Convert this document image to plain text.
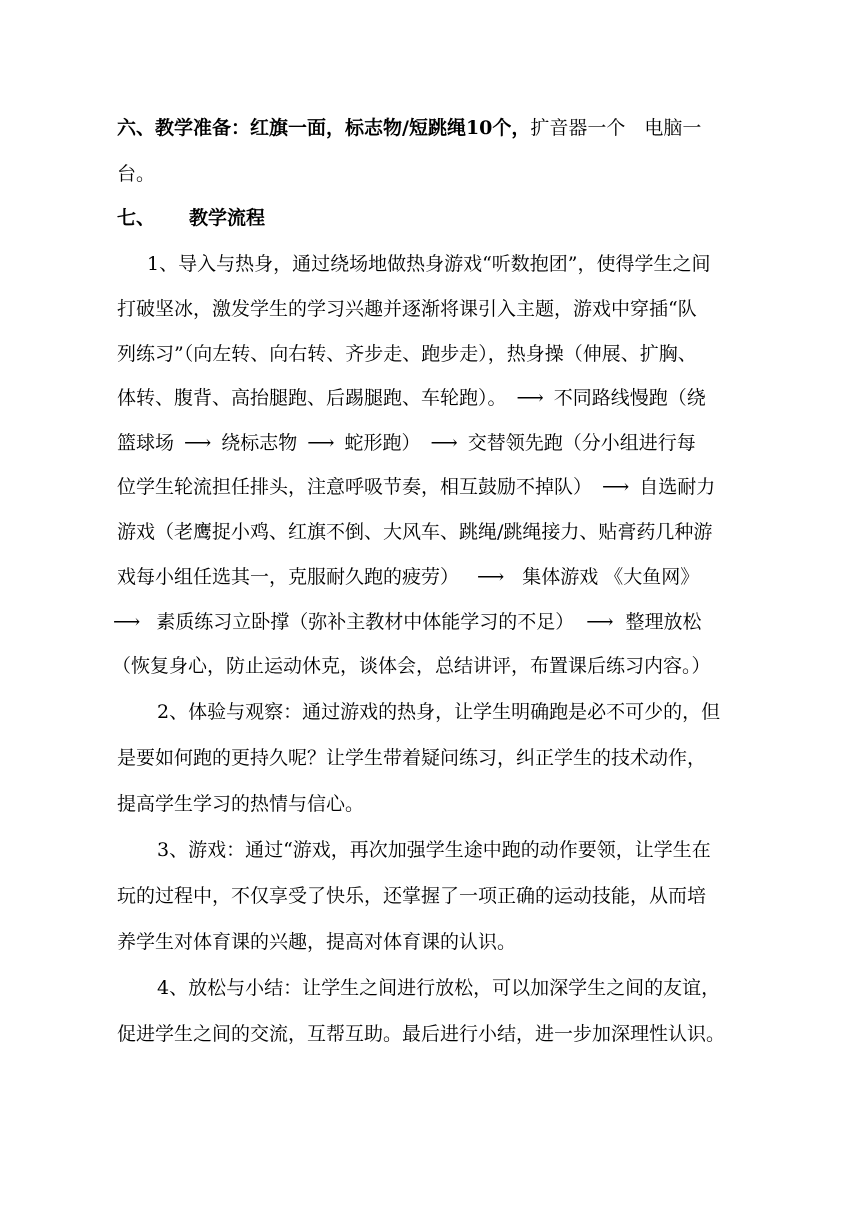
六、教学准备：红旗一面，标志物/短跳绳10个，扩音器一个　电脑一
台。
七、 教学流程
1、导入与热身，通过绕场地做热身游戏“听数抱团”，使得学生之间
打破坚冰，激发学生的学习兴趣并逐渐将课引入主题，游戏中穿插“队
列练习”（向左转、向右转、齐步走、跑步走），热身操（伸展、扩胸、
体转、腹背、高抬腿跑、后踢腿跑、车轮跑）。 ⟶ 不同路线慢跑（绕
篮球场 ⟶ 绕标志物 ⟶ 蛇形跑） ⟶ 交替领先跑（分小组进行每
位学生轮流担任排头，注意呼吸节奏，相互鼓励不掉队） ⟶ 自选耐力
游戏（老鹰捉小鸡、红旗不倒、大风车、跳绳/跳绳接力、贴膏药几种游
戏每小组任选其一，克服耐久跑的疲劳） ⟶ 集体游戏 《大鱼网》
⟶ 素质练习立卧撑（弥补主教材中体能学习的不足） ⟶ 整理放松
（恢复身心，防止运动休克，谈体会，总结讲评，布置课后练习内容。）
2、体验与观察：通过游戏的热身，让学生明确跑是必不可少的，但
是要如何跑的更持久呢？让学生带着疑问练习，纠正学生的技术动作，
提高学生学习的热情与信心。
3、游戏：通过“游戏，再次加强学生途中跑的动作要领，让学生在
玩的过程中，不仅享受了快乐，还掌握了一项正确的运动技能，从而培
养学生对体育课的兴趣，提高对体育课的认识。
4、放松与小结：让学生之间进行放松，可以加深学生之间的友谊，
促进学生之间的交流，互帮互助。最后进行小结，进一步加深理性认识。
